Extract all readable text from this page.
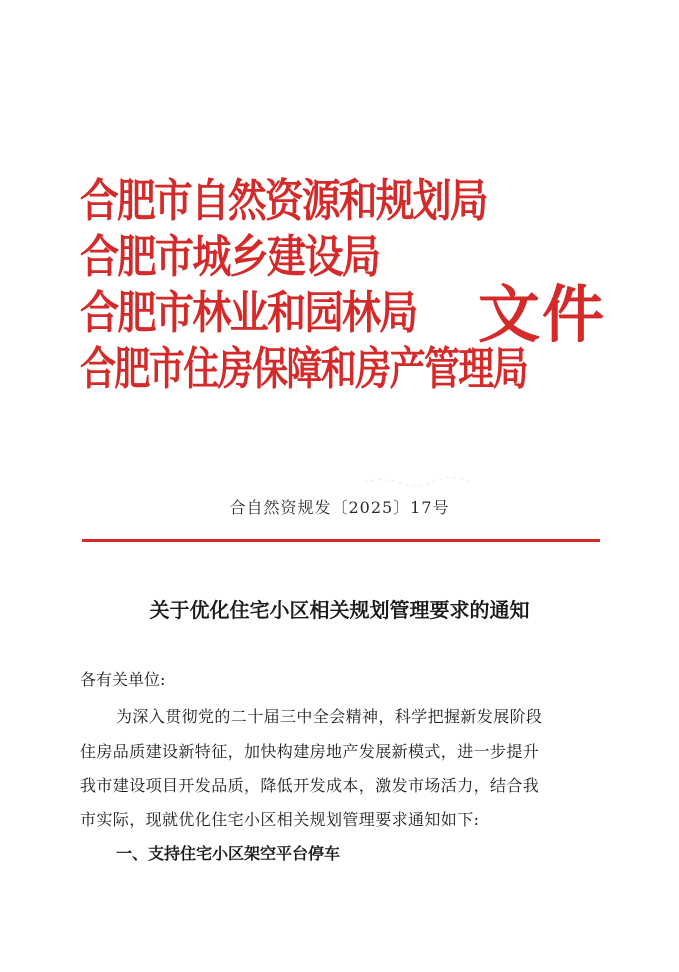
合肥市自然资源和规划局
合肥市城乡建设局
合肥市林业和园林局
合肥市住房保障和房产管理局
文件
合自然资规发〔2025〕17号
关于优化住宅小区相关规划管理要求的通知
各有关单位:
为深入贯彻党的二十届三中全会精神，科学把握新发展阶段
住房品质建设新特征，加快构建房地产发展新模式，进一步提升
我市建设项目开发品质，降低开发成本，激发市场活力，结合我
市实际，现就优化住宅小区相关规划管理要求通知如下:
一、支持住宅小区架空平台停车
